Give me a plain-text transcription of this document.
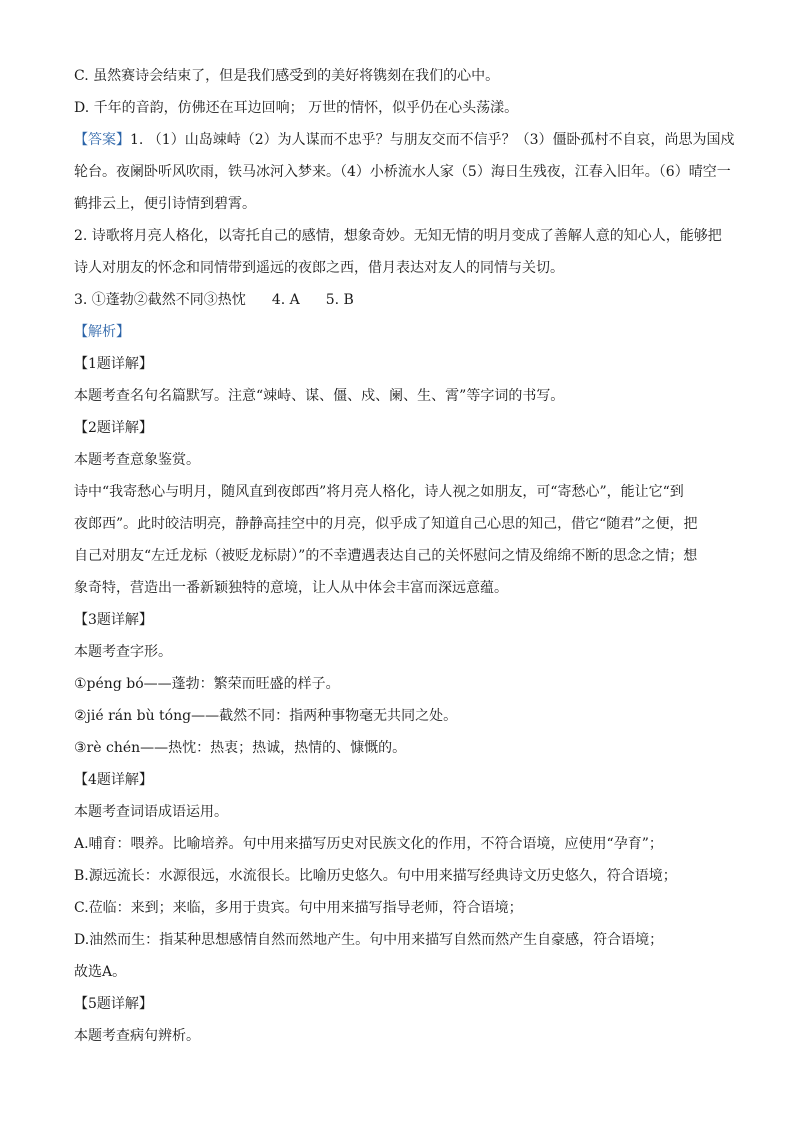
C. 虽然赛诗会结束了，但是我们感受到的美好将镌刻在我们的心中。
D. 千年的音韵，仿佛还在耳边回响； 万世的情怀，似乎仍在心头荡漾。
【答案】1. （1）山岛竦峙（2）为人谋而不忠乎？与朋友交而不信乎？（3）僵卧孤村不自哀，尚思为国戍
轮台。夜阑卧听风吹雨，铁马冰河入梦来。（4）小桥流水人家（5）海日生残夜，江春入旧年。（6）晴空一
鹤排云上，便引诗情到碧霄。
2. 诗歌将月亮人格化，以寄托自己的感情，想象奇妙。无知无情的明月变成了善解人意的知心人，能够把
诗人对朋友的怀念和同情带到遥远的夜郎之西，借月表达对友人的同情与关切。
3. ①蓬勃②截然不同③热忱 4. A 5. B
【解析】
【1题详解】
本题考查名句名篇默写。注意“竦峙、谋、僵、戍、阑、生、霄”等字词的书写。
【2题详解】
本题考查意象鉴赏。
诗中“我寄愁心与明月，随风直到夜郎西”将月亮人格化，诗人视之如朋友，可“寄愁心”，能让它“到
夜郎西”。此时皎洁明亮，静静高挂空中的月亮，似乎成了知道自己心思的知己，借它“随君”之便，把
自己对朋友“左迁龙标（被贬龙标尉）”的不幸遭遇表达自己的关怀慰问之情及绵绵不断的思念之情；想
象奇特，营造出一番新颖独特的意境，让人从中体会丰富而深远意蕴。
【3题详解】
本题考查字形。
①péng bó——蓬勃：繁荣而旺盛的样子。
②jié rán bù tóng——截然不同：指两种事物毫无共同之处。
③rè chén——热忱：热衷；热诚，热情的、慷慨的。
【4题详解】
本题考查词语成语运用。
A.哺育：喂养。比喻培养。句中用来描写历史对民族文化的作用，不符合语境，应使用“孕育”；
B.源远流长：水源很远，水流很长。比喻历史悠久。句中用来描写经典诗文历史悠久，符合语境；
C.莅临：来到；来临，多用于贵宾。句中用来描写指导老师，符合语境；
D.油然而生：指某种思想感情自然而然地产生。句中用来描写自然而然产生自豪感，符合语境；
故选A。
【5题详解】
本题考查病句辨析。
